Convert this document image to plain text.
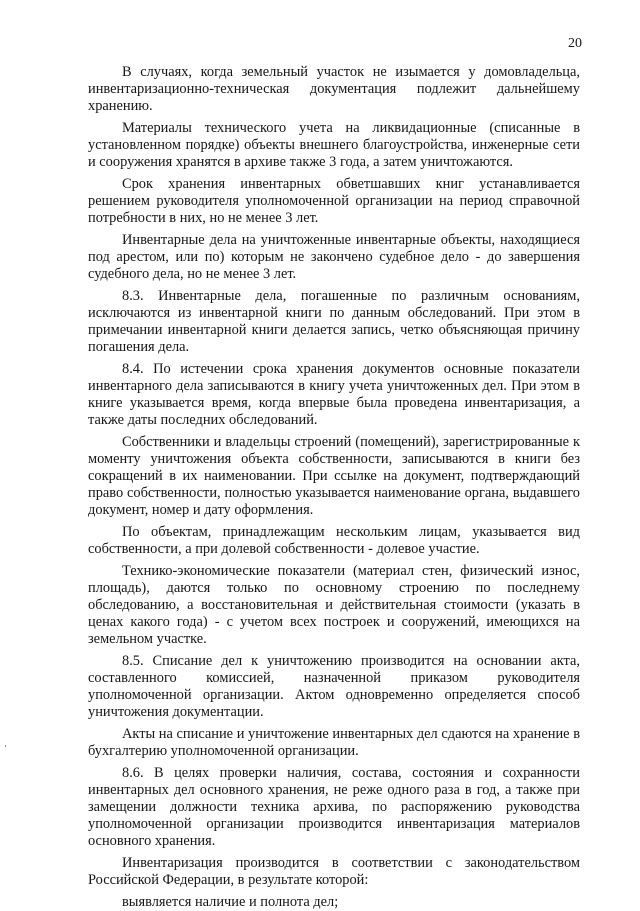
20

В случаях, когда земельный участок не изымается у домовладельца, инвентаризационно-техническая документация подлежит дальнейшему хранению.

Материалы технического учета на ликвидационные (списанные в установленном порядке) объекты внешнего благоустройства, инженерные сети и сооружения хранятся в архиве также 3 года, а затем уничтожаются.

Срок хранения инвентарных обветшавших книг устанавливается решением руководителя уполномоченной организации на период справочной потребности в них, но не менее 3 лет.

Инвентарные дела на уничтоженные инвентарные объекты, находящиеся под арестом, или по) которым не закончено судебное дело - до завершения судебного дела, но не менее 3 лет.

8.3. Инвентарные дела, погашенные по различным основаниям, исключаются из инвентарной книги по данным обследований. При этом в примечании инвентарной книги делается запись, четко объясняющая причину погашения дела.

8.4. По истечении срока хранения документов основные показатели инвентарного дела записываются в книгу учета уничтоженных дел. При этом в книге указывается время, когда впервые была проведена инвентаризация, а также даты последних обследований.

Собственники и владельцы строений (помещений), зарегистрированные к моменту уничтожения объекта собственности, записываются в книги без сокращений в их наименовании. При ссылке на документ, подтверждающий право собственности, полностью указывается наименование органа, выдавшего документ, номер и дату оформления.

По объектам, принадлежащим нескольким лицам, указывается вид собственности, а при долевой собственности - долевое участие.

Технико-экономические показатели (материал стен, физический износ, площадь), даются только по основному строению по последнему обследованию, а восстановительная и действительная стоимости (указать в ценах какого года) - с учетом всех построек и сооружений, имеющихся на земельном участке.

8.5. Списание дел к уничтожению производится на основании акта, составленного комиссией, назначенной приказом руководителя уполномоченной организации. Актом одновременно определяется способ уничтожения документации.

Акты на списание и уничтожение инвентарных дел сдаются на хранение в бухгалтерию уполномоченной организации.

8.6. В целях проверки наличия, состава, состояния и сохранности инвентарных дел основного хранения, не реже одного раза в год, а также при замещении должности техника архива, по распоряжению руководства уполномоченной организации производится инвентаризация материалов основного хранения.

Инвентаризация производится в соответствии с законодательством Российской Федерации, в результате которой:

выявляется наличие и полнота дел;
